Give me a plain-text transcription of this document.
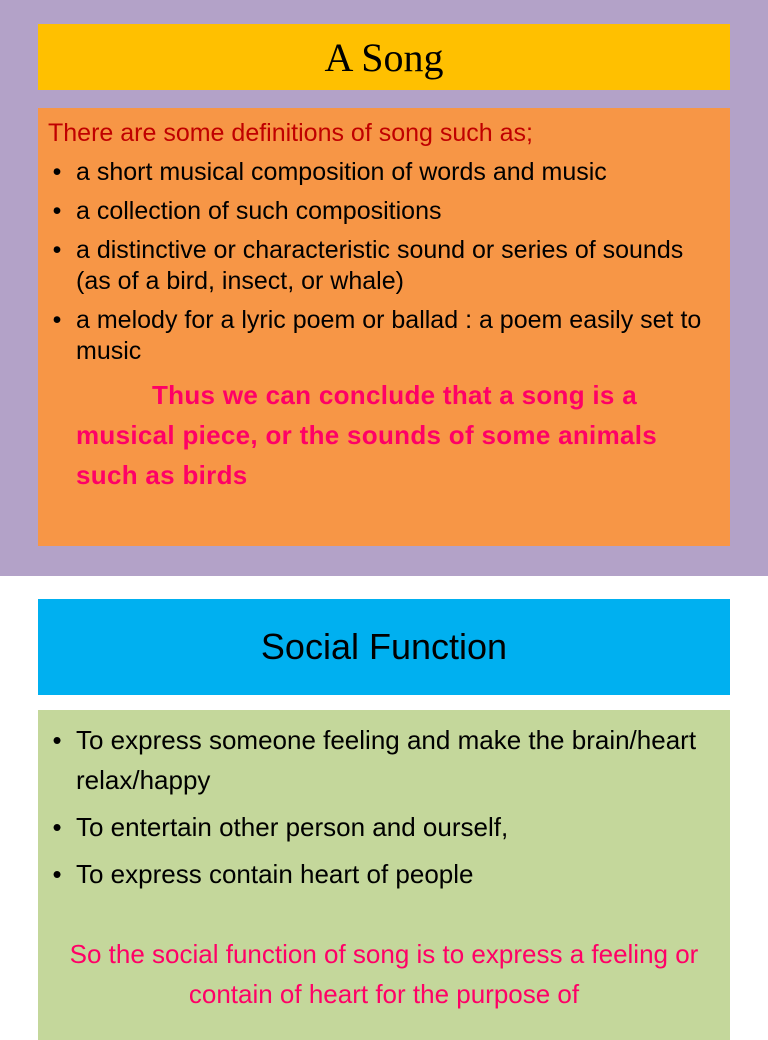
A Song
There are some definitions of song such as;
• a short musical composition of words and music
• a collection of such compositions
• a distinctive or characteristic sound or series of sounds (as of a bird, insect, or whale)
• a melody for a lyric poem or ballad : a poem easily set to music
Thus we can conclude that a song is a musical piece, or the sounds of some animals such as birds
Social Function
• To express someone feeling and make the brain/heart relax/happy
• To entertain other person and ourself,
• To express contain heart of people
So the social function of song is to express a feeling or contain of heart for the purpose of
